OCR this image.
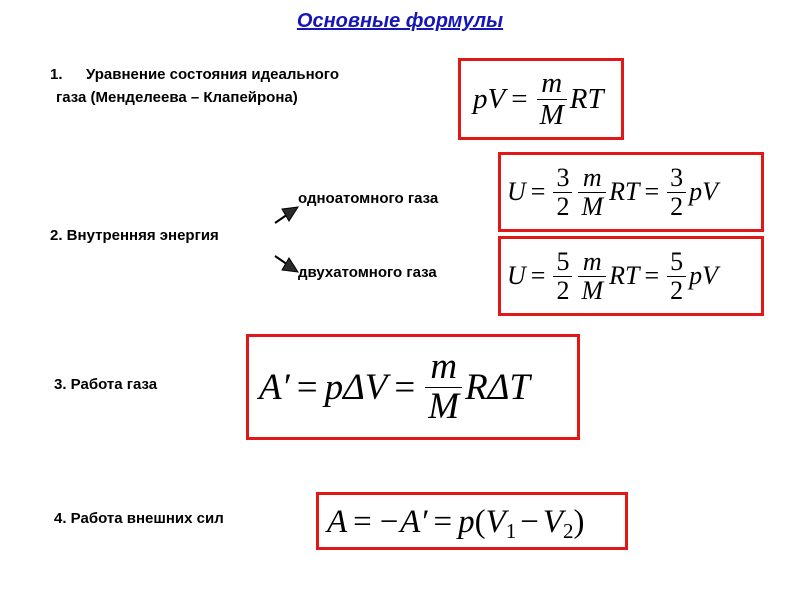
Основные формулы
1. Уравнение состояния идеального
газа (Менделеева – Клапейрона)	pV = $\frac{m}{M}$ RT
2. Внутренняя энергия
одноатомного газа
двухатомного газа
$U = \frac{3}{2} \frac{m}{M}$ RT = $\frac{3}{2}$ pV
$U = \frac{5}{2} \frac{m}{M}$ RT = $\frac{5}{2}$ pV
3. Работа газа	$A' = p\Delta V = \frac{m}{M}$ RΔT
4. Работа внешних сил	A = −A′ = p ( V 1 − V 2 )
